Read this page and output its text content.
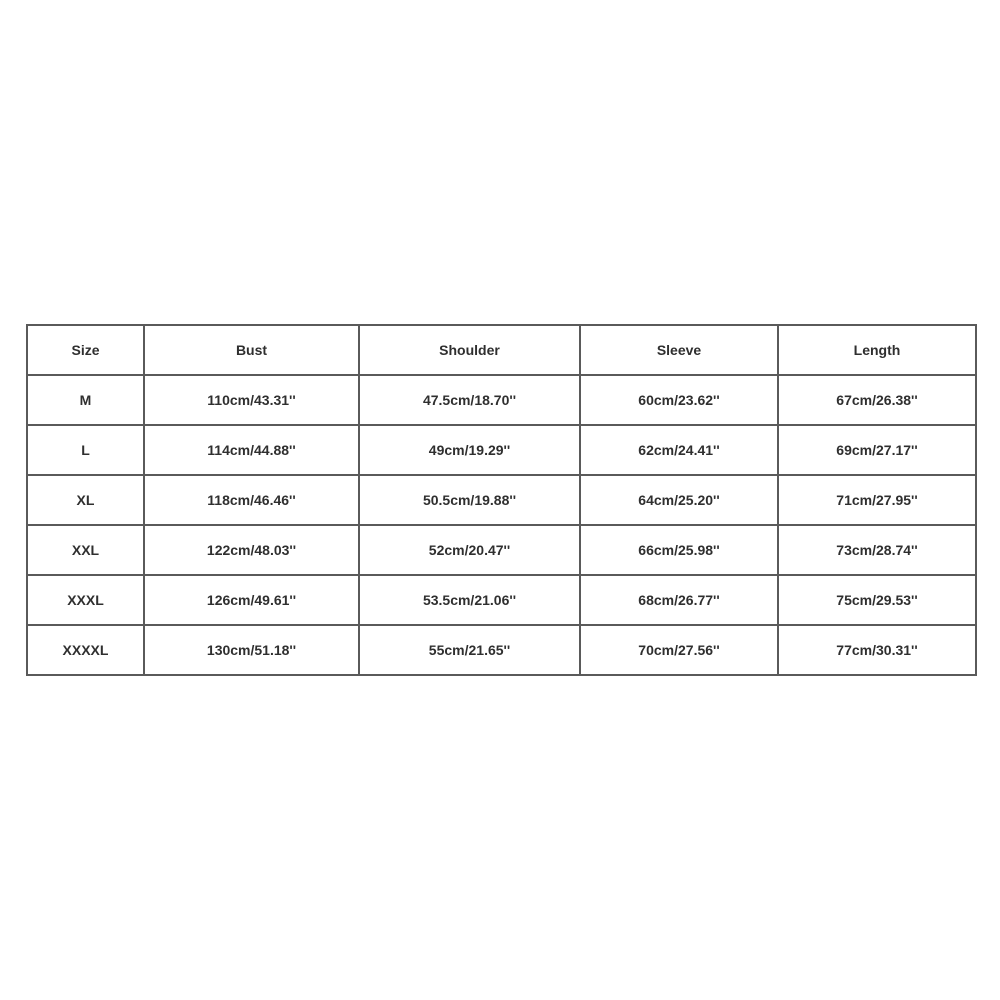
Size	Bust	Shoulder	Sleeve	Length
M	110cm/43.31''	47.5cm/18.70''	60cm/23.62''	67cm/26.38''
L	114cm/44.88''	49cm/19.29''	62cm/24.41''	69cm/27.17''
XL	118cm/46.46''	50.5cm/19.88''	64cm/25.20''	71cm/27.95''
XXL	122cm/48.03''	52cm/20.47''	66cm/25.98''	73cm/28.74''
XXXL	126cm/49.61''	53.5cm/21.06''	68cm/26.77''	75cm/29.53''
XXXXL	130cm/51.18''	55cm/21.65''	70cm/27.56''	77cm/30.31''
